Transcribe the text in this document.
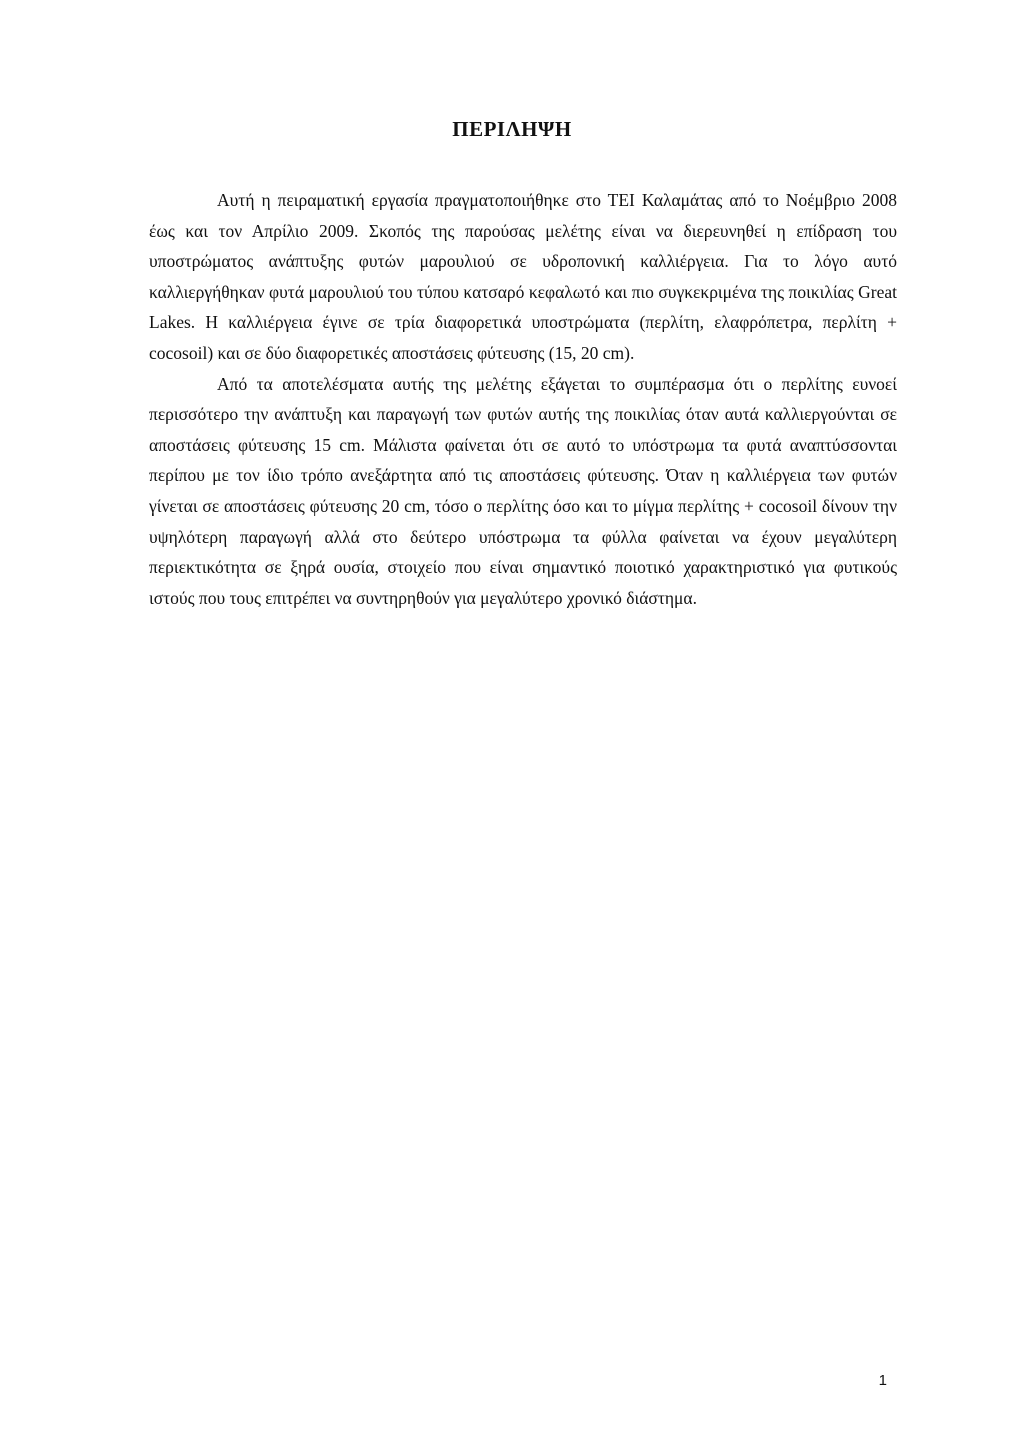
ΠΕΡΙΛΗΨΗ

Αυτή η πειραματική εργασία πραγματοποιήθηκε στο ΤΕΙ Καλαμάτας από το Νοέμβριο 2008 έως και τον Απρίλιο 2009. Σκοπός της παρούσας μελέτης είναι να διερευνηθεί η επίδραση του υποστρώματος ανάπτυξης φυτών μαρουλιού σε υδροπονική καλλιέργεια. Για το λόγο αυτό καλλιεργήθηκαν φυτά μαρουλιού του τύπου κατσαρό κεφαλωτό και πιο συγκεκριμένα της ποικιλίας Great Lakes. Η καλλιέργεια έγινε σε τρία διαφορετικά υποστρώματα (περλίτη, ελαφρόπετρα, περλίτη + cocosoil) και σε δύο διαφορετικές αποστάσεις φύτευσης (15, 20 cm).

Από τα αποτελέσματα αυτής της μελέτης εξάγεται το συμπέρασμα ότι ο περλίτης ευνοεί περισσότερο την ανάπτυξη και παραγωγή των φυτών αυτής της ποικιλίας όταν αυτά καλλιεργούνται σε αποστάσεις φύτευσης 15 cm. Μάλιστα φαίνεται ότι σε αυτό το υπόστρωμα τα φυτά αναπτύσσονται περίπου με τον ίδιο τρόπο ανεξάρτητα από τις αποστάσεις φύτευσης. Όταν η καλλιέργεια των φυτών γίνεται σε αποστάσεις φύτευσης 20 cm, τόσο ο περλίτης όσο και το μίγμα περλίτης + cocosoil δίνουν την υψηλότερη παραγωγή αλλά στο δεύτερο υπόστρωμα τα φύλλα φαίνεται να έχουν μεγαλύτερη περιεκτικότητα σε ξηρά ουσία, στοιχείο που είναι σημαντικό ποιοτικό χαρακτηριστικό για φυτικούς ιστούς που τους επιτρέπει να συντηρηθούν για μεγαλύτερο χρονικό διάστημα.

1
